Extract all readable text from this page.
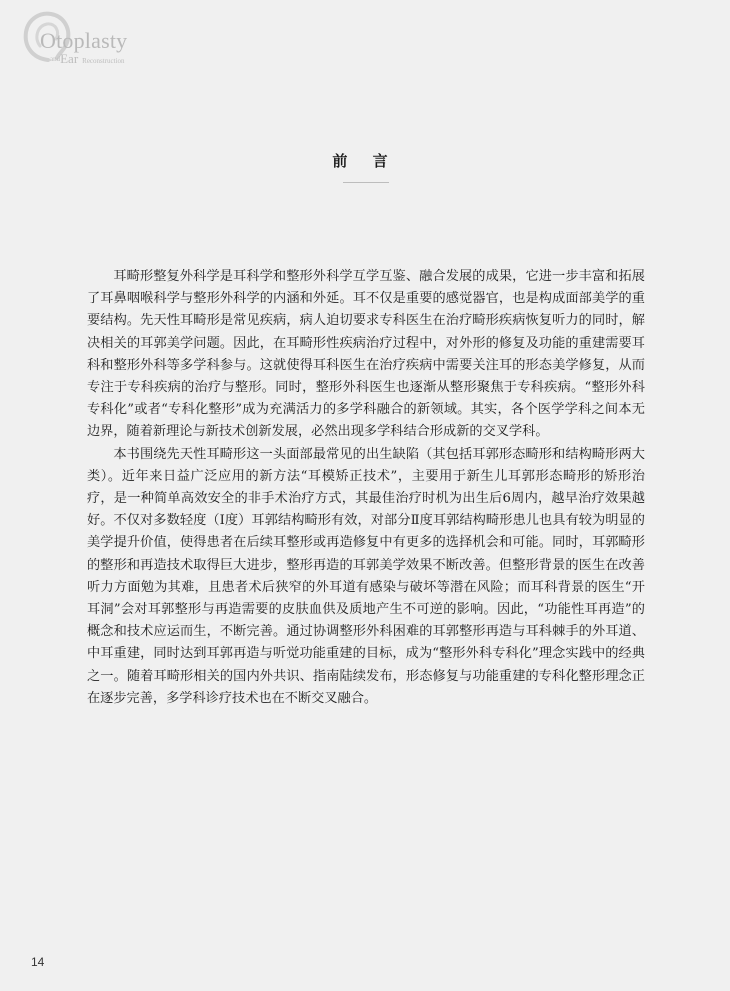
Otoplasty
andEar Reconstruction
前 言

耳畸形整复外科学是耳科学和整形外科学互学互鉴、融合发展的成果，它进一步丰富和拓展了耳鼻咽喉科学与整形外科学的内涵和外延。耳不仅是重要的感觉器官，也是构成面部美学的重要结构。先天性耳畸形是常见疾病，病人迫切要求专科医生在治疗畸形疾病恢复听力的同时，解决相关的耳郭美学问题。因此，在耳畸形性疾病治疗过程中，对外形的修复及功能的重建需要耳科和整形外科等多学科参与。这就使得耳科医生在治疗疾病中需要关注耳的形态美学修复，从而专注于专科疾病的治疗与整形。同时，整形外科医生也逐渐从整形聚焦于专科疾病。“整形外科专科化”或者“专科化整形”成为充满活力的多学科融合的新领域。其实，各个医学学科之间本无边界，随着新理论与新技术创新发展，必然出现多学科结合形成新的交叉学科。

本书围绕先天性耳畸形这一头面部最常见的出生缺陷（其包括耳郭形态畸形和结构畸形两大类）。近年来日益广泛应用的新方法“耳模矫正技术”，主要用于新生儿耳郭形态畸形的矫形治疗，是一种简单高效安全的非手术治疗方式，其最佳治疗时机为出生后6周内，越早治疗效果越好。不仅对多数轻度（Ⅰ度）耳郭结构畸形有效，对部分Ⅱ度耳郭结构畸形患儿也具有较为明显的美学提升价值，使得患者在后续耳整形或再造修复中有更多的选择机会和可能。同时，耳郭畸形的整形和再造技术取得巨大进步，整形再造的耳郭美学效果不断改善。但整形背景的医生在改善听力方面勉为其难，且患者术后狭窄的外耳道有感染与破坏等潜在风险；而耳科背景的医生“开耳洞”会对耳郭整形与再造需要的皮肤血供及质地产生不可逆的影响。因此，“功能性耳再造”的概念和技术应运而生，不断完善。通过协调整形外科困难的耳郭整形再造与耳科棘手的外耳道、中耳重建，同时达到耳郭再造与听觉功能重建的目标，成为“整形外科专科化”理念实践中的经典之一。随着耳畸形相关的国内外共识、指南陆续发布，形态修复与功能重建的专科化整形理念正在逐步完善，多学科诊疗技术也在不断交叉融合。

14
